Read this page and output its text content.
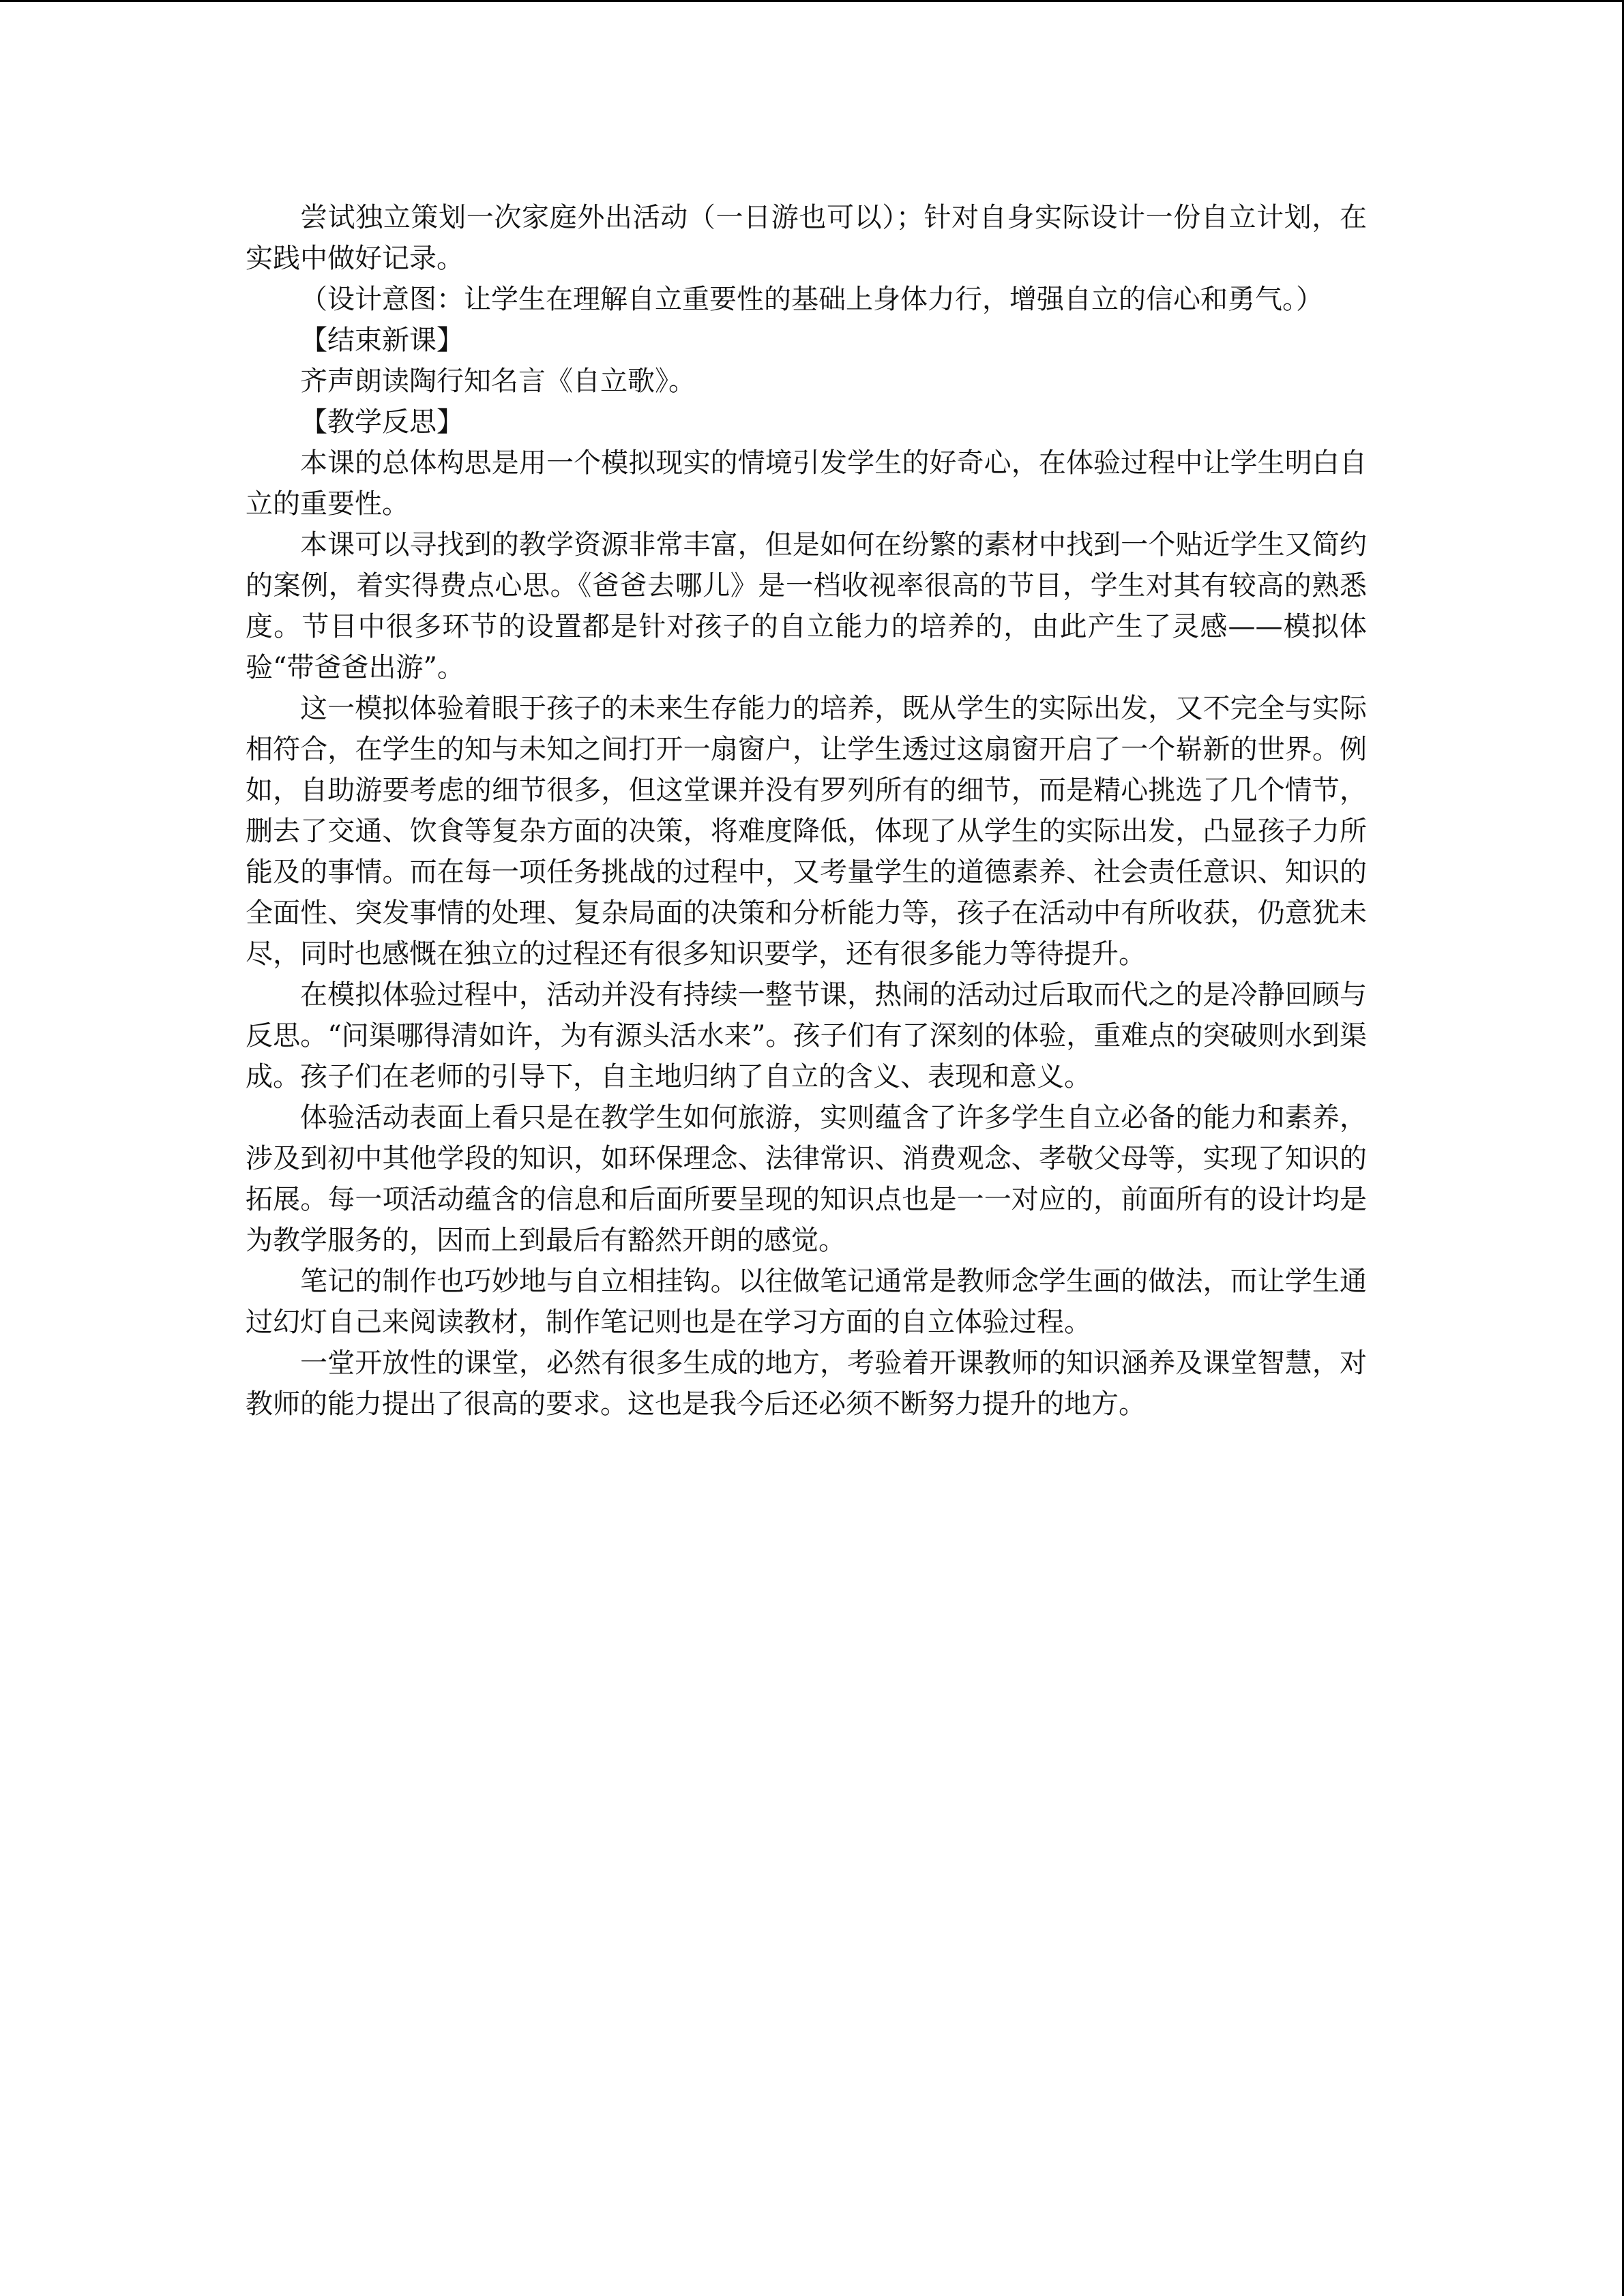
尝试独立策划一次家庭外出活动（一日游也可以）；针对自身实际设计一份自立计划，在实践中做好记录。

（设计意图：让学生在理解自立重要性的基础上身体力行，增强自立的信心和勇气。）

【结束新课】

齐声朗读陶行知名言《自立歌》。

【教学反思】

本课的总体构思是用一个模拟现实的情境引发学生的好奇心，在体验过程中让学生明白自立的重要性。

本课可以寻找到的教学资源非常丰富，但是如何在纷繁的素材中找到一个贴近学生又简约的案例，着实得费点心思。《爸爸去哪儿》是一档收视率很高的节目，学生对其有较高的熟悉度。节目中很多环节的设置都是针对孩子的自立能力的培养的，由此产生了灵感——模拟体验“带爸爸出游”。

这一模拟体验着眼于孩子的未来生存能力的培养，既从学生的实际出发，又不完全与实际相符合，在学生的知与未知之间打开一扇窗户，让学生透过这扇窗开启了一个崭新的世界。例如，自助游要考虑的细节很多，但这堂课并没有罗列所有的细节，而是精心挑选了几个情节，删去了交通、饮食等复杂方面的决策，将难度降低，体现了从学生的实际出发，凸显孩子力所能及的事情。而在每一项任务挑战的过程中，又考量学生的道德素养、社会责任意识、知识的全面性、突发事情的处理、复杂局面的决策和分析能力等，孩子在活动中有所收获，仍意犹未尽，同时也感慨在独立的过程还有很多知识要学，还有很多能力等待提升。

在模拟体验过程中，活动并没有持续一整节课，热闹的活动过后取而代之的是冷静回顾与反思。“问渠哪得清如许，为有源头活水来”。孩子们有了深刻的体验，重难点的突破则水到渠成。孩子们在老师的引导下，自主地归纳了自立的含义、表现和意义。

体验活动表面上看只是在教学生如何旅游，实则蕴含了许多学生自立必备的能力和素养，涉及到初中其他学段的知识，如环保理念、法律常识、消费观念、孝敬父母等，实现了知识的拓展。每一项活动蕴含的信息和后面所要呈现的知识点也是一一对应的，前面所有的设计均是为教学服务的，因而上到最后有豁然开朗的感觉。

笔记的制作也巧妙地与自立相挂钩。以往做笔记通常是教师念学生画的做法，而让学生通过幻灯自己来阅读教材，制作笔记则也是在学习方面的自立体验过程。

一堂开放性的课堂，必然有很多生成的地方，考验着开课教师的知识涵养及课堂智慧，对教师的能力提出了很高的要求。这也是我今后还必须不断努力提升的地方。
